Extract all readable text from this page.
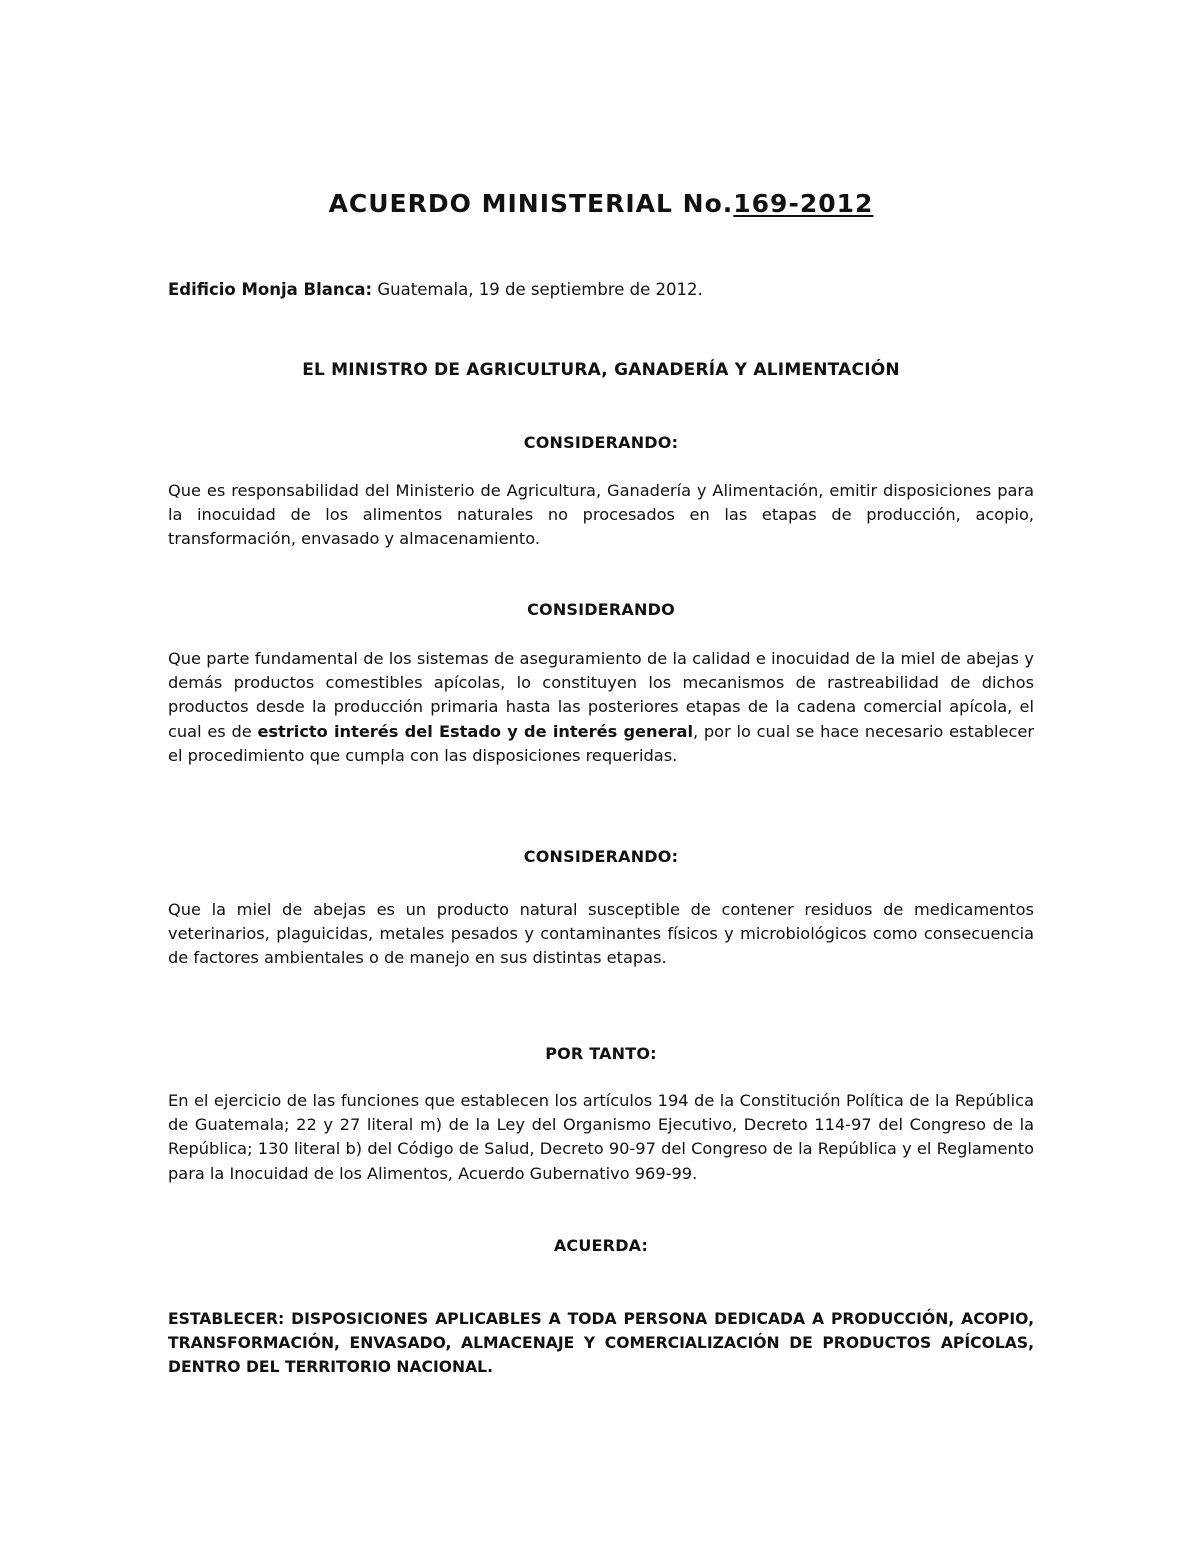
ACUERDO MINISTERIAL No.169-2012
Edificio Monja Blanca: Guatemala, 19 de septiembre de 2012.
EL MINISTRO DE AGRICULTURA, GANADERÍA Y ALIMENTACIÓN
CONSIDERANDO:
Que es responsabilidad del Ministerio de Agricultura, Ganadería y Alimentación, emitir disposiciones para la inocuidad de los alimentos naturales no procesados en las etapas de producción, acopio, transformación, envasado y almacenamiento.
CONSIDERANDO
Que parte fundamental de los sistemas de aseguramiento de la calidad e inocuidad de la miel de abejas y demás productos comestibles apícolas, lo constituyen los mecanismos de rastreabilidad de dichos productos desde la producción primaria hasta las posteriores etapas de la cadena comercial apícola, el cual es de estricto interés del Estado y de interés general, por lo cual se hace necesario establecer el procedimiento que cumpla con las disposiciones requeridas.
CONSIDERANDO:
Que la miel de abejas es un producto natural susceptible de contener residuos de medicamentos veterinarios, plaguicidas, metales pesados y contaminantes físicos y microbiológicos como consecuencia de factores ambientales o de manejo en sus distintas etapas.
POR TANTO:
En el ejercicio de las funciones que establecen los artículos 194 de la Constitución Política de la República de Guatemala; 22 y 27 literal m) de la Ley del Organismo Ejecutivo, Decreto 114-97 del Congreso de la República; 130 literal b) del Código de Salud, Decreto 90-97 del Congreso de la República y el Reglamento para la Inocuidad de los Alimentos, Acuerdo Gubernativo 969-99.
ACUERDA:
ESTABLECER: DISPOSICIONES APLICABLES A TODA PERSONA DEDICADA A PRODUCCIÓN, ACOPIO, TRANSFORMACIÓN, ENVASADO, ALMACENAJE Y COMERCIALIZACIÓN DE PRODUCTOS APÍCOLAS, DENTRO DEL TERRITORIO NACIONAL.
